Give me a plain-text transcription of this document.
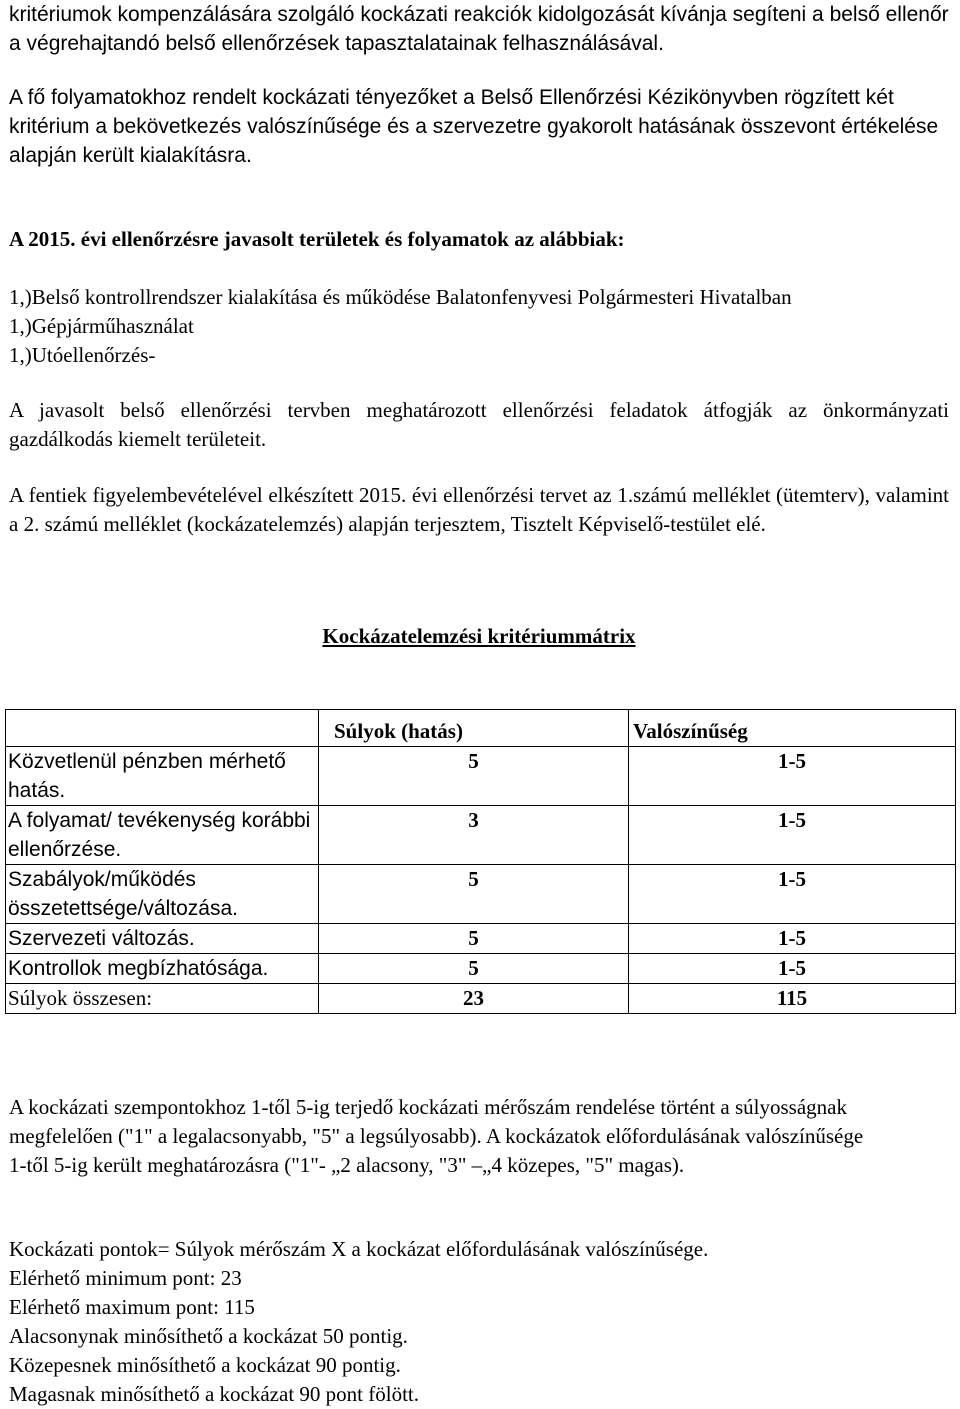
kritériumok kompenzálására szolgáló kockázati reakciók kidolgozását kívánja segíteni a belső ellenőr a végrehajtandó belső ellenőrzések tapasztalatainak felhasználásával.

A fő folyamatokhoz rendelt kockázati tényezőket a Belső Ellenőrzési Kézikönyvben rögzített két kritérium a bekövetkezés valószínűsége és a szervezetre gyakorolt hatásának összevont értékelése alapján került kialakításra.

A 2015. évi ellenőrzésre javasolt területek és folyamatok az alábbiak:

1,)Belső kontrollrendszer kialakítása és működése Balatonfenyvesi Polgármesteri Hivatalban

1,)Gépjárműhasználat

1,)Utóellenőrzés-

A javasolt belső ellenőrzési tervben meghatározott ellenőrzési feladatok átfogják az önkormányzati gazdálkodás kiemelt területeit.

A fentiek figyelembevételével elkészített 2015. évi ellenőrzési tervet az 1.számú melléklet (ütemterv), valamint a 2. számú melléklet (kockázatelemzés) alapján terjesztem, Tisztelt Képviselő-testület elé.

Kockázatelemzési kritériummátrix

	Súlyok (hatás)	Valószínűség
Közvetlenül pénzben mérhető hatás.	5	1-5
A folyamat/ tevékenység korábbi ellenőrzése.	3	1-5
Szabályok/működés összetettsége/változása.	5	1-5
Szervezeti változás.	5	1-5
Kontrollok megbízhatósága.	5	1-5
Súlyok összesen:	23	115

A kockázati szempontokhoz 1-től 5-ig terjedő kockázati mérőszám rendelése történt a súlyosságnak megfelelően ("1" a legalacsonyabb, "5" a legsúlyosabb). A kockázatok előfordulásának valószínűsége 1-től 5-ig került meghatározásra ("1"- „2 alacsony, "3" –„4 közepes, "5" magas).

Kockázati pontok= Súlyok mérőszám X a kockázat előfordulásának valószínűsége.

Elérhető minimum pont: 23

Elérhető maximum pont: 115

Alacsonynak minősíthető a kockázat 50 pontig.

Közepesnek minősíthető a kockázat 90 pontig.

Magasnak minősíthető a kockázat 90 pont fölött.
